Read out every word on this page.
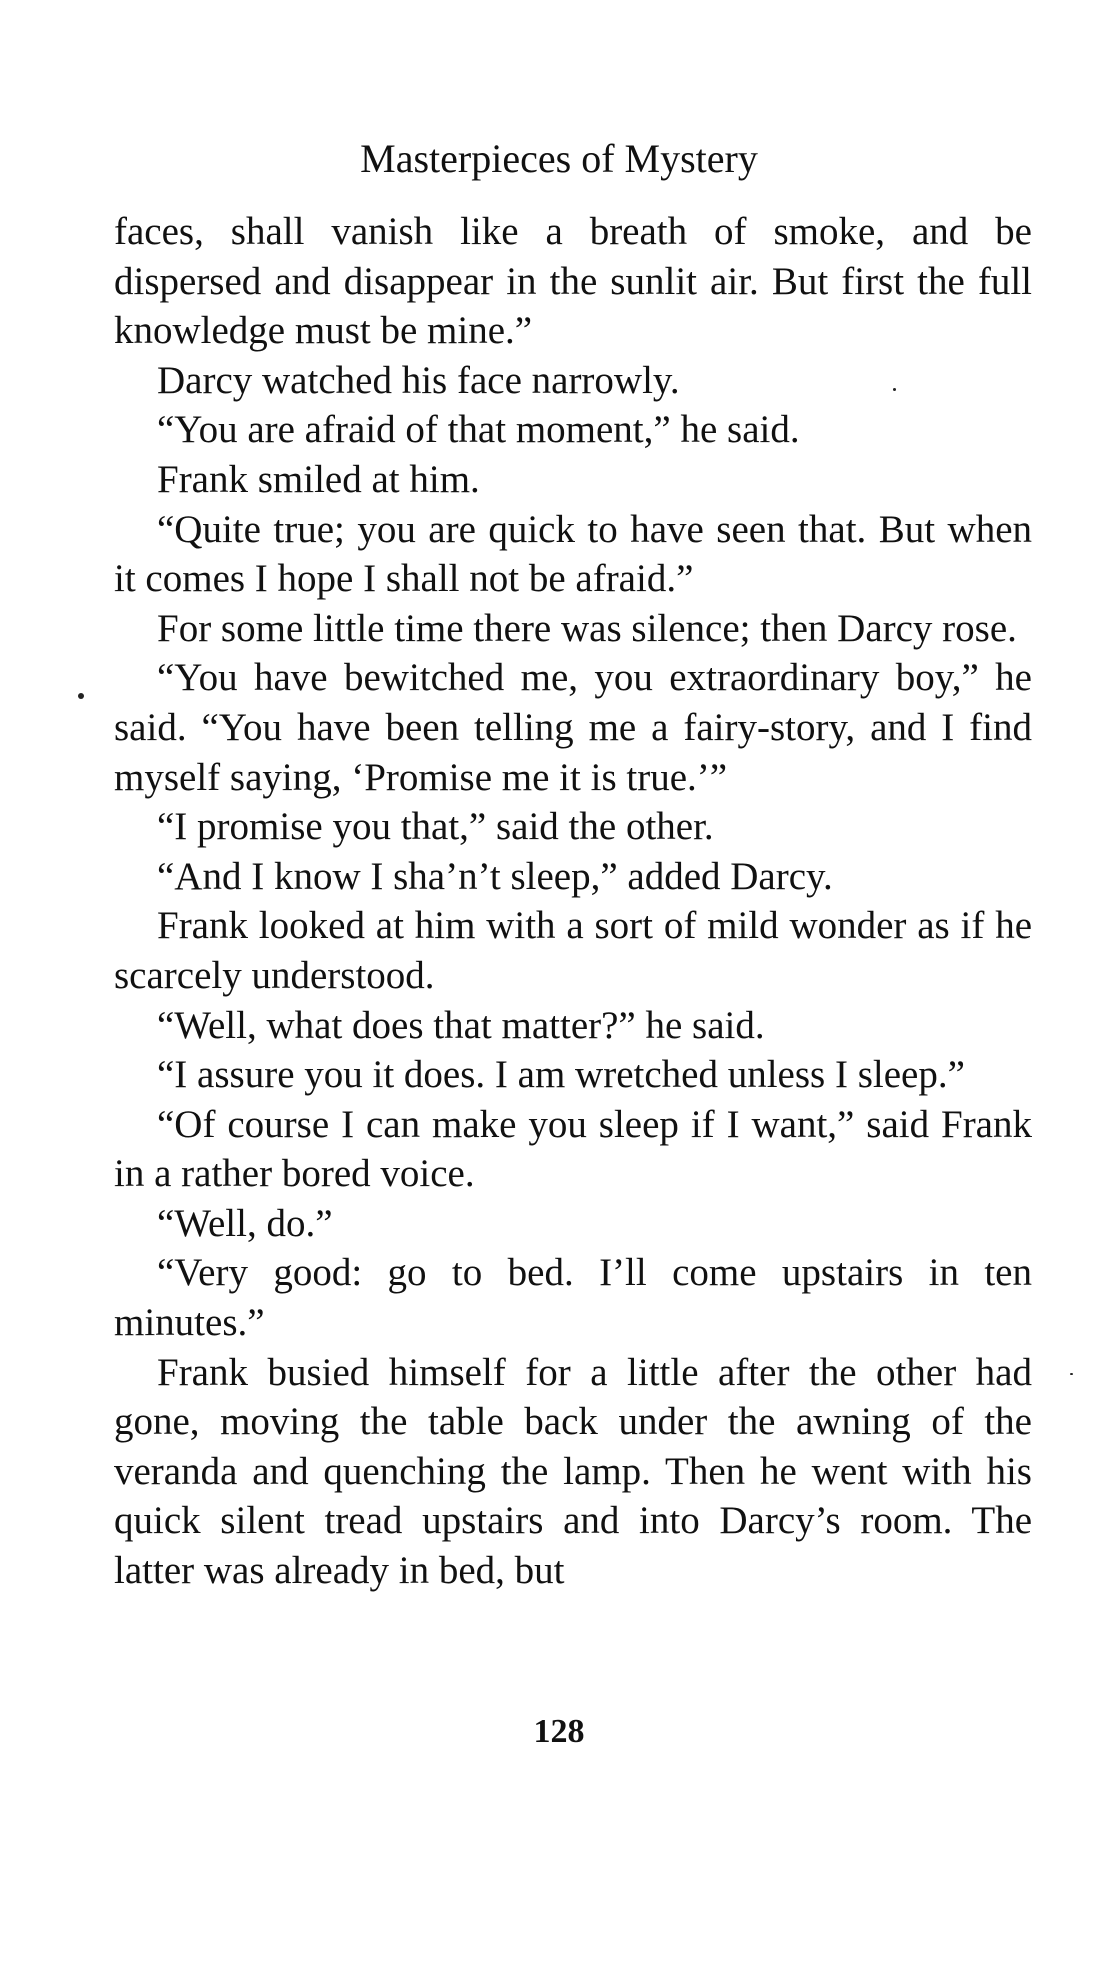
Masterpieces of Mystery

faces, shall vanish like a breath of smoke, and be dispersed and disappear in the sunlit air. But first the full knowledge must be mine.”

Darcy watched his face narrowly.

“You are afraid of that moment,” he said.

Frank smiled at him.

“Quite true; you are quick to have seen that. But when it comes I hope I shall not be afraid.”

For some little time there was silence; then Darcy rose.

“You have bewitched me, you extraordinary boy,” he said. “You have been telling me a fairy-story, and I find myself saying, ‘Promise me it is true.’”

“I promise you that,” said the other.

“And I know I sha’n’t sleep,” added Darcy.

Frank looked at him with a sort of mild wonder as if he scarcely understood.

“Well, what does that matter?” he said.

“I assure you it does. I am wretched unless I sleep.”

“Of course I can make you sleep if I want,” said Frank in a rather bored voice.

“Well, do.”

“Very good: go to bed. I’ll come upstairs in ten minutes.”

Frank busied himself for a little after the other had gone, moving the table back under the awning of the veranda and quenching the lamp. Then he went with his quick silent tread upstairs and into Darcy’s room. The latter was already in bed, but

128
